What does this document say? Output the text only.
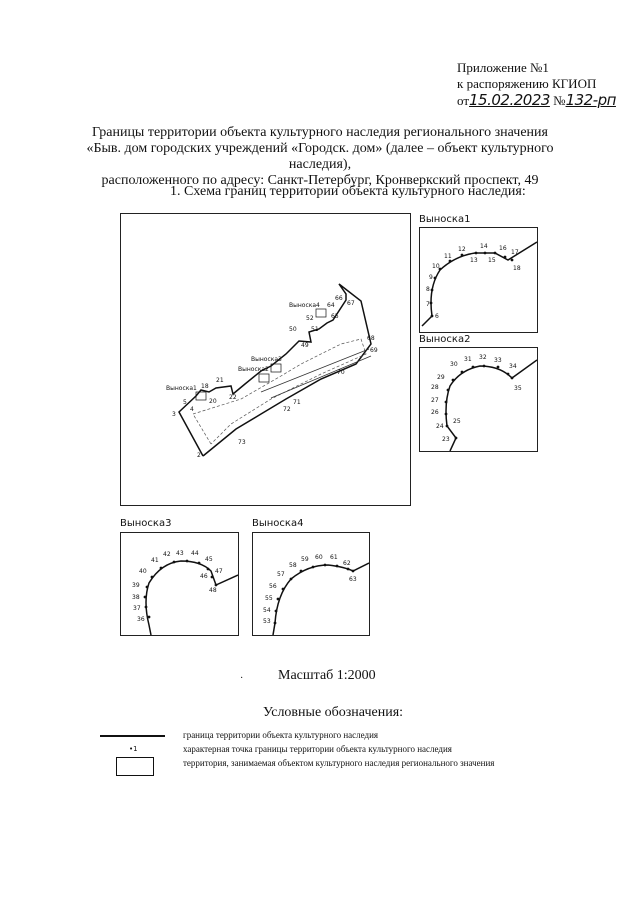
Приложение №1
к распоряжению КГИОП
от15.02.2023 №132-рп
Границы территории объекта культурного наследия регионального значения
«Быв. дом городских учреждений «Городск. дом» (далее – объект культурного наследия),
расположенного по адресу: Санкт-Петербург, Кронверкский проспект, 49
1. Схема границ территории объекта культурного наследия:
Выноска1
Выноска2
Выноска3
Выноска4
2
3
4
5
18
20
21
22
49
50 51
52
64
65
66
67
68
69
70
71
72
73
Выноска1
6
7
8
9
10
11
12
13
14
15
16
17
18
Выноска2
23
24
25
26
27
28
29
30
31 32 33
34
35
Выноска3
36
37
38
39
40
41
42 43 44
45
46
47
48
Выноска4
53
54
55
56
57
58
59 60 61
62
63
· Масштаб 1:2000
Условные обозначения:
граница территории объекта культурного наследия
•1	характерная точка границы территории объекта культурного наследия
территория, занимаемая объектом культурного наследия регионального значения
